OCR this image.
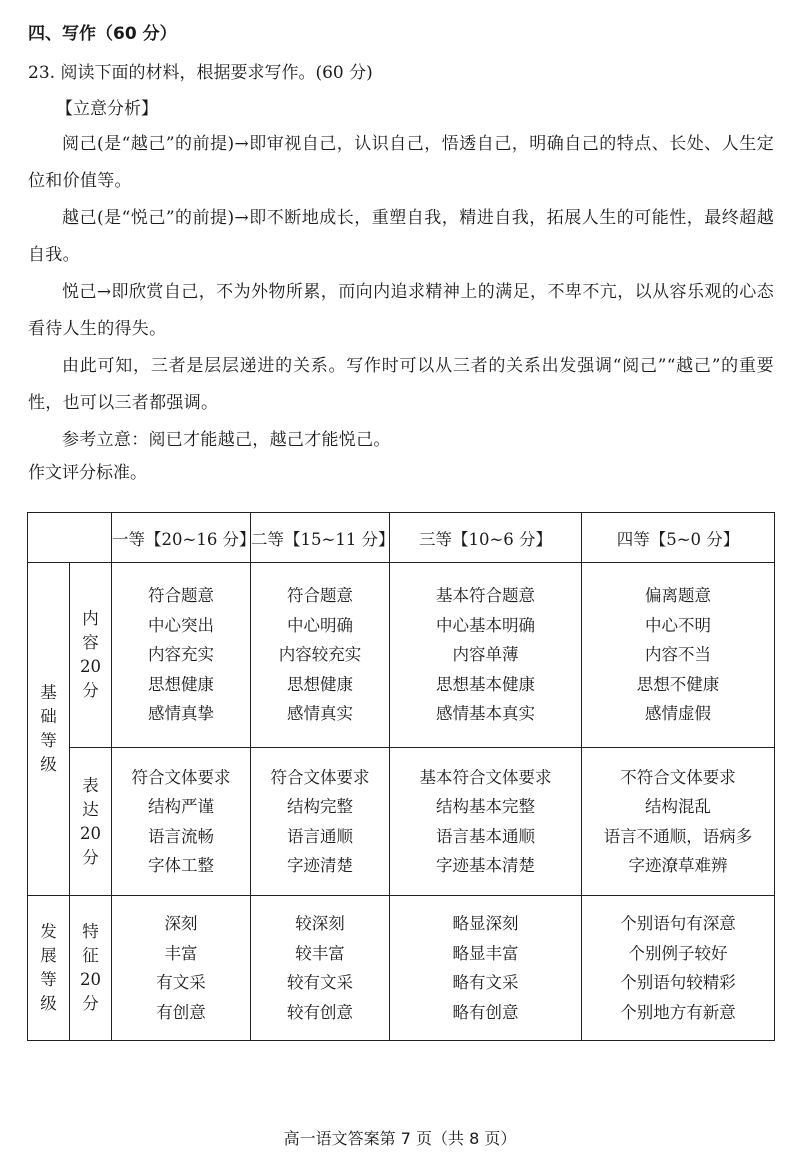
四、写作（60 分）
23. 阅读下面的材料，根据要求写作。(60 分)
【立意分析】
阅己(是“越己”的前提)→即审视自己，认识自己，悟透自己，明确自己的特点、长处、人生定位和价值等。
越己(是“悦己”的前提)→即不断地成长，重塑自我，精进自我，拓展人生的可能性，最终超越自我。
悦己→即欣赏自己，不为外物所累，而向内追求精神上的满足，不卑不亢，以从容乐观的心态看待人生的得失。
由此可知，三者是层层递进的关系。写作时可以从三者的关系出发强调“阅己”“越己”的重要性，也可以三者都强调。
参考立意：阅已才能越己，越己才能悦己。
作文评分标准。
		一等【20~16 分】	二等【15~11 分】	三等【10~6 分】	四等【5~0 分】
基
础
等
级	内
容
20
分	符合题意
中心突出
内容充实
思想健康
感情真挚	符合题意
中心明确
内容较充实
思想健康
感情真实	基本符合题意
中心基本明确
内容单薄
思想基本健康
感情基本真实	偏离题意
中心不明
内容不当
思想不健康
感情虚假

	表
达
20
分	符合文体要求
结构严谨
语言流畅
字体工整	符合文体要求
结构完整
语言通顺
字迹清楚	基本符合文体要求
结构基本完整
语言基本通顺
字迹基本清楚	不符合文体要求
结构混乱
语言不通顺，语病多
字迹潦草难辨

发
展
等
级	特
征
20
分	深刻
丰富
有文采
有创意	较深刻
较丰富
较有文采
较有创意	略显深刻
略显丰富
略有文采
略有创意	个别语句有深意
个别例子较好
个别语句较精彩
个别地方有新意
高一语文答案第 7 页（共 8 页）
